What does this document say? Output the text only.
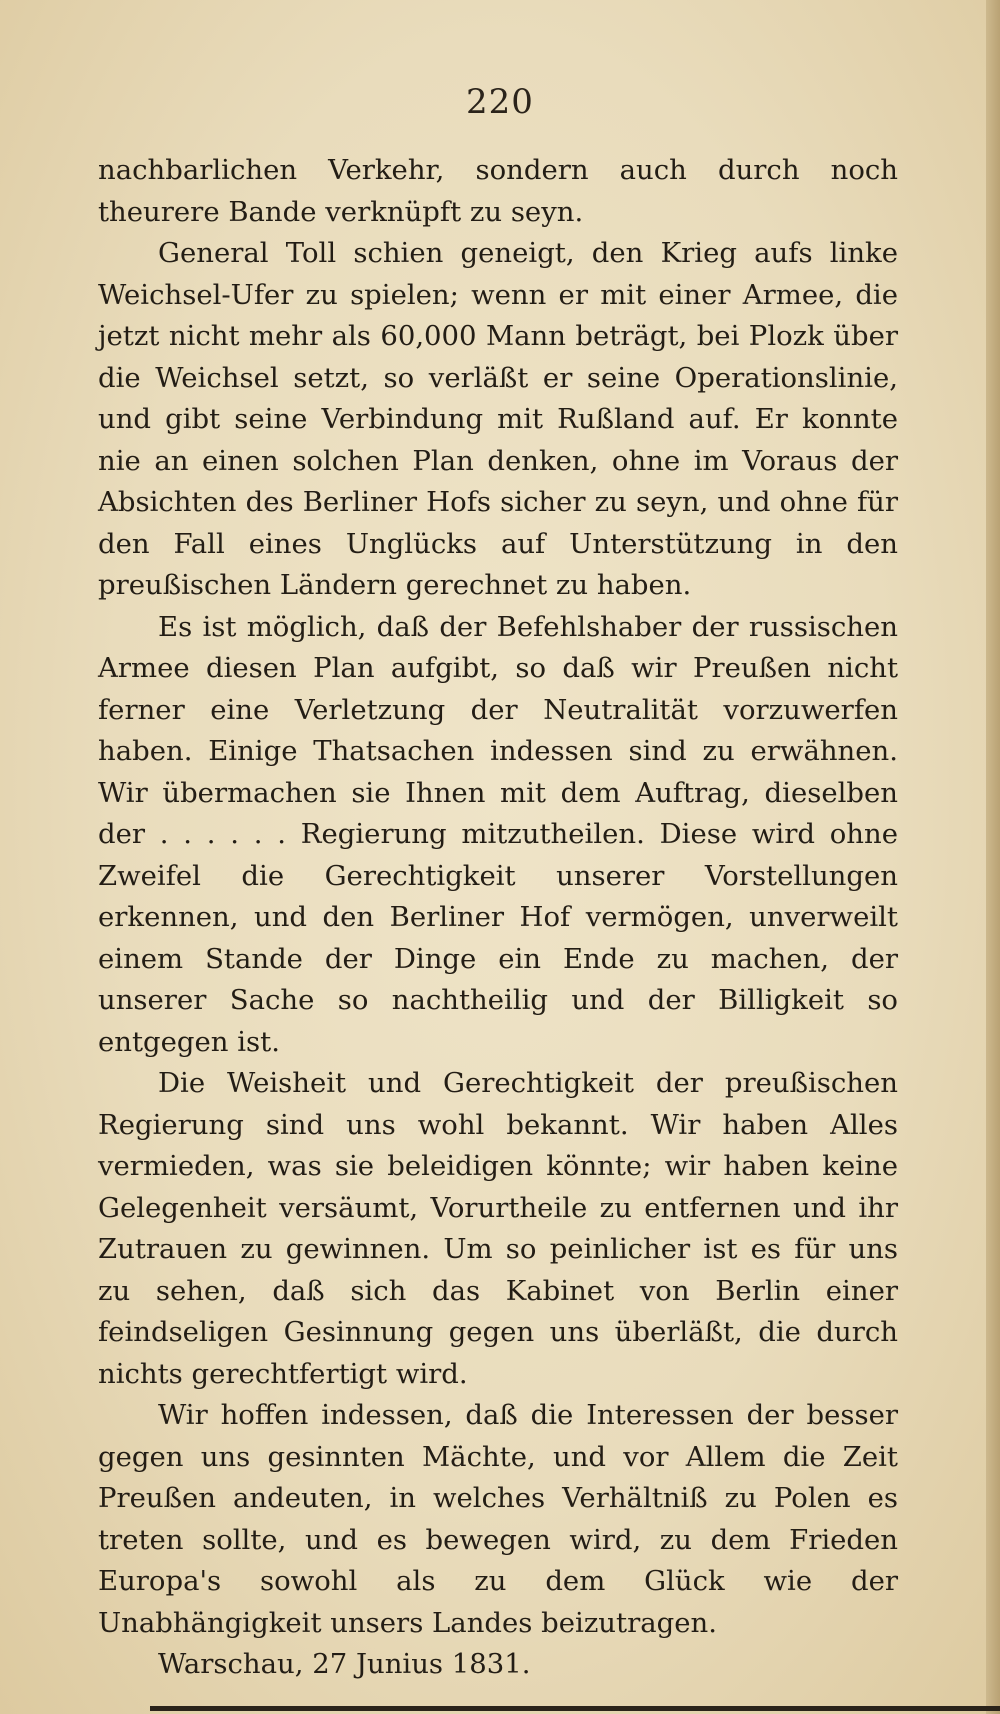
220

nachbarlichen Verkehr, sondern auch durch noch theurere Bande verknüpft zu seyn.

General Toll schien geneigt, den Krieg aufs linke Weichsel-Ufer zu spielen; wenn er mit einer Armee, die jetzt nicht mehr als 60,000 Mann beträgt, bei Plozk über die Weichsel setzt, so verläßt er seine Operationslinie, und gibt seine Verbindung mit Rußland auf. Er konnte nie an einen solchen Plan denken, ohne im Voraus der Absichten des Berliner Hofs sicher zu seyn, und ohne für den Fall eines Unglücks auf Unterstützung in den preußischen Ländern gerechnet zu haben.

Es ist möglich, daß der Befehlshaber der russischen Armee diesen Plan aufgibt, so daß wir Preußen nicht ferner eine Verletzung der Neutralität vorzuwerfen haben. Einige Thatsachen indessen sind zu erwähnen. Wir übermachen sie Ihnen mit dem Auftrag, dieselben der . . . . . . Regierung mitzutheilen. Diese wird ohne Zweifel die Gerechtigkeit unserer Vorstellungen erkennen, und den Berliner Hof vermögen, unverweilt einem Stande der Dinge ein Ende zu machen, der unserer Sache so nachtheilig und der Billigkeit so entgegen ist.

Die Weisheit und Gerechtigkeit der preußischen Regierung sind uns wohl bekannt. Wir haben Alles vermieden, was sie beleidigen könnte; wir haben keine Gelegenheit versäumt, Vorurtheile zu entfernen und ihr Zutrauen zu gewinnen. Um so peinlicher ist es für uns zu sehen, daß sich das Kabinet von Berlin einer feindseligen Gesinnung gegen uns überläßt, die durch nichts gerechtfertigt wird.

Wir hoffen indessen, daß die Interessen der besser gegen uns gesinnten Mächte, und vor Allem die Zeit Preußen andeuten, in welches Verhältniß zu Polen es treten sollte, und es bewegen wird, zu dem Frieden Europa's sowohl als zu dem Glück wie der Unabhängigkeit unsers Landes beizutragen.

Warschau, 27 Junius 1831.
